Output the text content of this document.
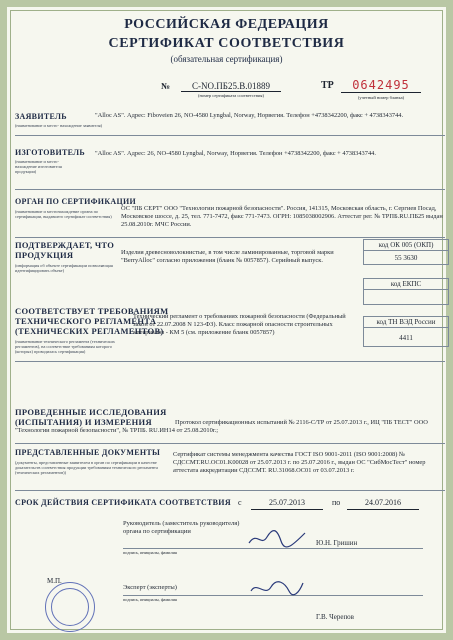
РОССИЙСКАЯ ФЕДЕРАЦИЯ
СЕРТИФИКАТ СООТВЕТСТВИЯ
(обязательная сертификация)
№	C-NO.ПБ25.В.01889
(номер сертификата соответствия)
ТР	0642495
(учетный номер бланка)
ЗАЯВИТЕЛЬ
(наименование и место- нахождение заявителя)
"Alloc AS". Адрес: Fiboveien 26, NO-4580 Lyngbal, Norway, Норвегия. Телефон +4738342200, факс + 4738343744.
ИЗГОТОВИТЕЛЬ
(наименование и место- нахождение изготовителя продукции)
"Alloc AS". Адрес: 26, NO-4580 Lyngbal, Norway, Норвегия. Телефон +4738342200, факс + 4738343744.
ОРГАН ПО СЕРТИФИКАЦИИ
(наименование и местонахождение органа по сертификации, выдавшего сертификат соответствия)
ОС "ПБ СЕРТ" ООО "Технологии пожарной безопасности". Россия, 141315, Московская область, г. Сергиев Посад, Московское шоссе, д. 25, тел. 771-7472, факс 771-7473. ОГРН: 1085038002906. Аттестат рег. № ТРПБ.RU.ПБ25 выдан 25.08.2010г. МЧС России.
ПОДТВЕРЖДАЕТ, ЧТО
ПРОДУКЦИЯ
(информация об объекте сертификации позволяющая идентифицировать объект)
Изделия древесноволокнистые, в том числе ламинированные, торговой марки "BerryAlloc" согласно приложения (бланк № 0057857). Серийный выпуск.
код ОК 005 (ОКП)
55 3630
код ЕКПС
код ТН ВЭД России
4411
СООТВЕТСТВУЕТ ТРЕБОВАНИЯМ
ТЕХНИЧЕСКОГО РЕГЛАМЕНТА
(ТЕХНИЧЕСКИХ РЕГЛАМЕНТОВ)
(наименование технического регламента (технических регламентов), на соответствие требованиям которого (которых) проводилась сертификация)
Технический регламент о требованиях пожарной безопасности (Федеральный закон от 22.07.2008 N 123-ФЗ). Класс пожарной опасности строительных материалов - КМ 5 (см. приложение бланк 0057857)
ПРОВЕДЕННЫЕ ИССЛЕДОВАНИЯ
(ИСПЫТАНИЯ) И ИЗМЕРЕНИЯ	Протокол сертификационных испытаний № 2116-С/ТР от 25.07.2013 г., ИЦ "ПБ ТЕСТ" ООО "Технологии пожарной безопасности", № ТРПБ. RU.ИН14 от 25.08.2010г.;
ПРЕДСТАВЛЕННЫЕ ДОКУМЕНТЫ
(документы, представленные заявителем в орган по сертификации в качестве доказательств соответствия продукции требованиям технического регламента (технических регламентов))
Сертификат системы менеджмента качества ГОСТ ISO 9001-2011 (ISO 9001:2008) № СДССМТ.RU.OC01.K00028 от 25.07.2013 г. по 25.07.2016 г., выдан ОС "СибМосТест" номер аттестата аккредитации СДССМТ. RU.31068.OC01 от 03.07.2013 г.
СРОК ДЕЙСТВИЯ СЕРТИФИКАТА СООТВЕТСТВИЯ с	25.07.2013	по	24.07.2016
Руководитель (заместитель руководителя) органа по сертификации
подпись, инициалы, фамилия
Ю.Н. Гришин
М.П.
Эксперт (эксперты)
подпись, инициалы, фамилия
Г.В. Черепов
